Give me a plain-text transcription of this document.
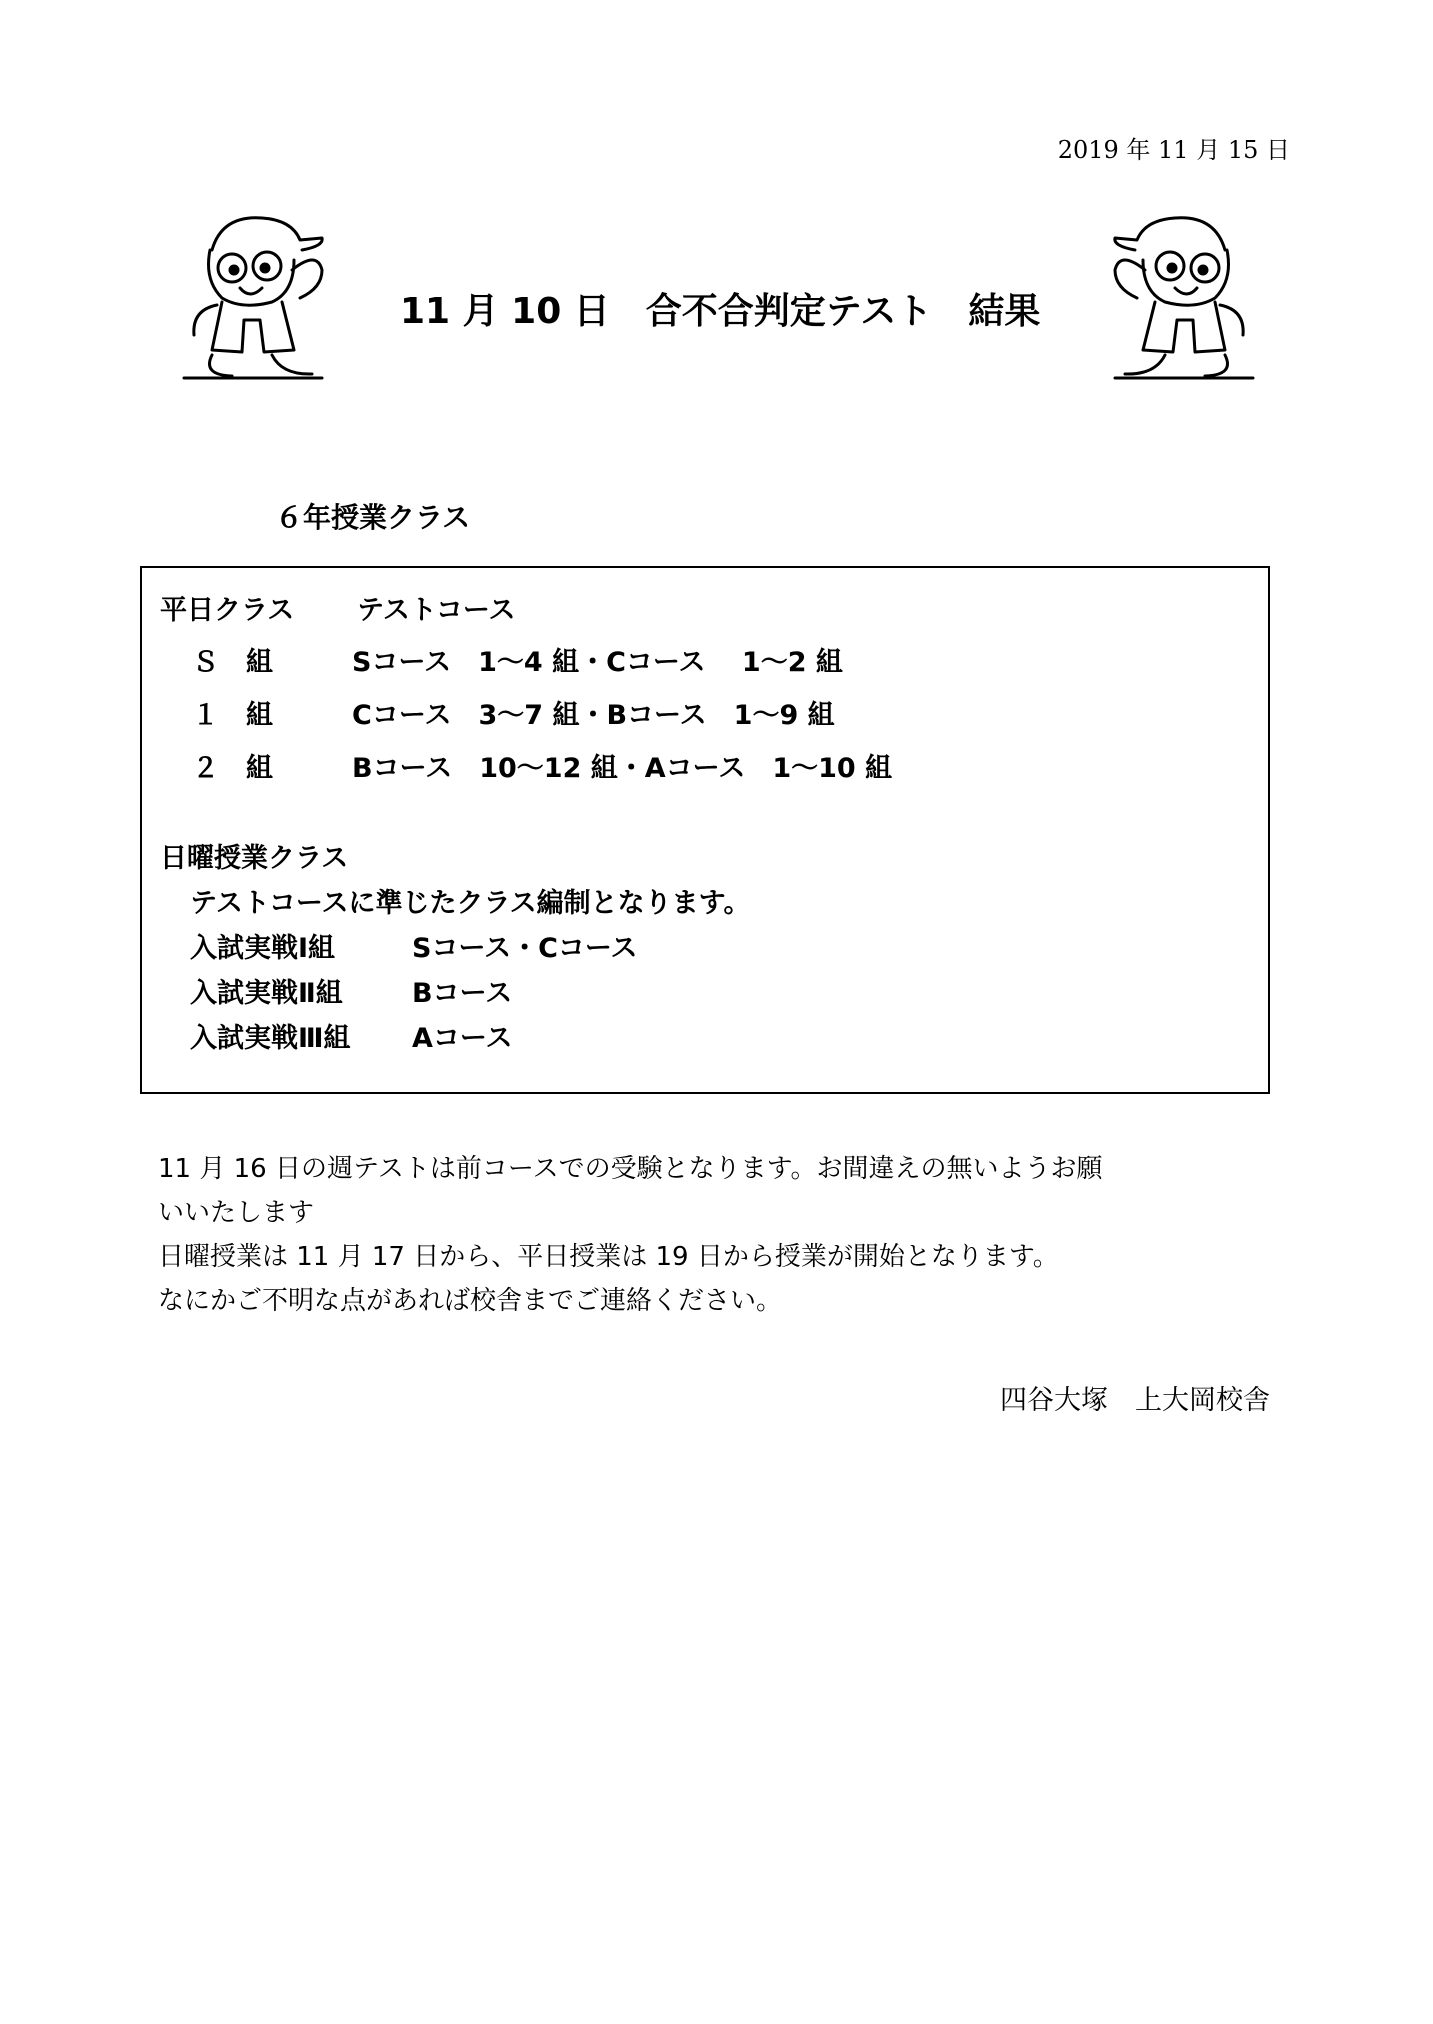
2019 年 11 月 15 日
11 月 10 日　合不合判定テスト　結果
６年授業クラス
平日クラス テストコース
Ｓ　組	Sコース　1～4 組・Cコース　 1～2 組
１　組	Cコース　3～7 組・Bコース　1～9 組
２　組	Bコース　10～12 組・Aコース　1～10 組
日曜授業クラス
テストコースに準じたクラス編制となります。
入試実戦Ⅰ組	Sコース・Cコース
入試実戦Ⅱ組	Bコース
入試実戦Ⅲ組 Aコース
11 月 16 日の週テストは前コースでの受験となります。お間違えの無いようお願
いいたします
日曜授業は 11 月 17 日から、平日授業は 19 日から授業が開始となります。
なにかご不明な点があれば校舎までご連絡ください。
四谷大塚　上大岡校舎
